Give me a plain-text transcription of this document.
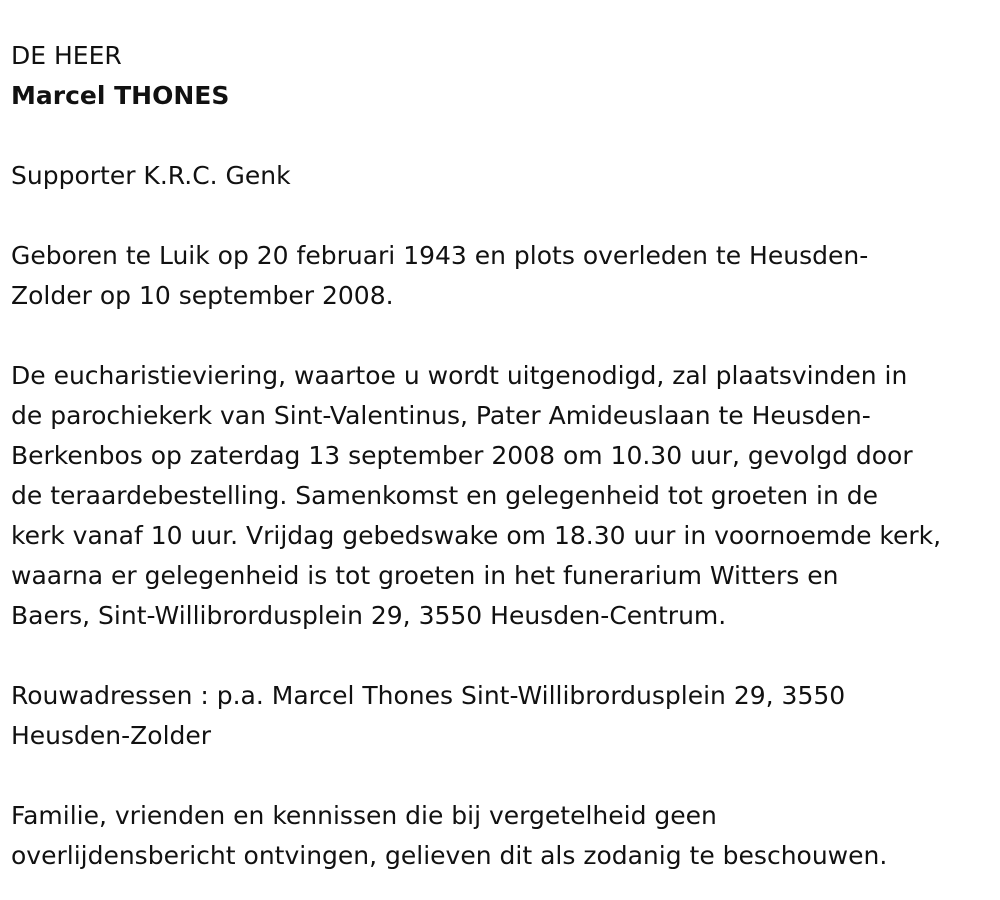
DE HEER

Marcel THONES

Supporter K.R.C. Genk

Geboren te Luik op 20 februari 1943 en plots overleden te Heusden-

Zolder op 10 september 2008.

De eucharistieviering, waartoe u wordt uitgenodigd, zal plaatsvinden in

de parochiekerk van Sint-Valentinus, Pater Amideuslaan te Heusden-

Berkenbos op zaterdag 13 september 2008 om 10.30 uur, gevolgd door

de teraardebestelling. Samenkomst en gelegenheid tot groeten in de

kerk vanaf 10 uur. Vrijdag gebedswake om 18.30 uur in voornoemde kerk,

waarna er gelegenheid is tot groeten in het funerarium Witters en

Baers, Sint-Willibrordusplein 29, 3550 Heusden-Centrum.

Rouwadressen : p.a. Marcel Thones Sint-Willibrordusplein 29, 3550

Heusden-Zolder

Familie, vrienden en kennissen die bij vergetelheid geen

overlijdensbericht ontvingen, gelieven dit als zodanig te beschouwen.
